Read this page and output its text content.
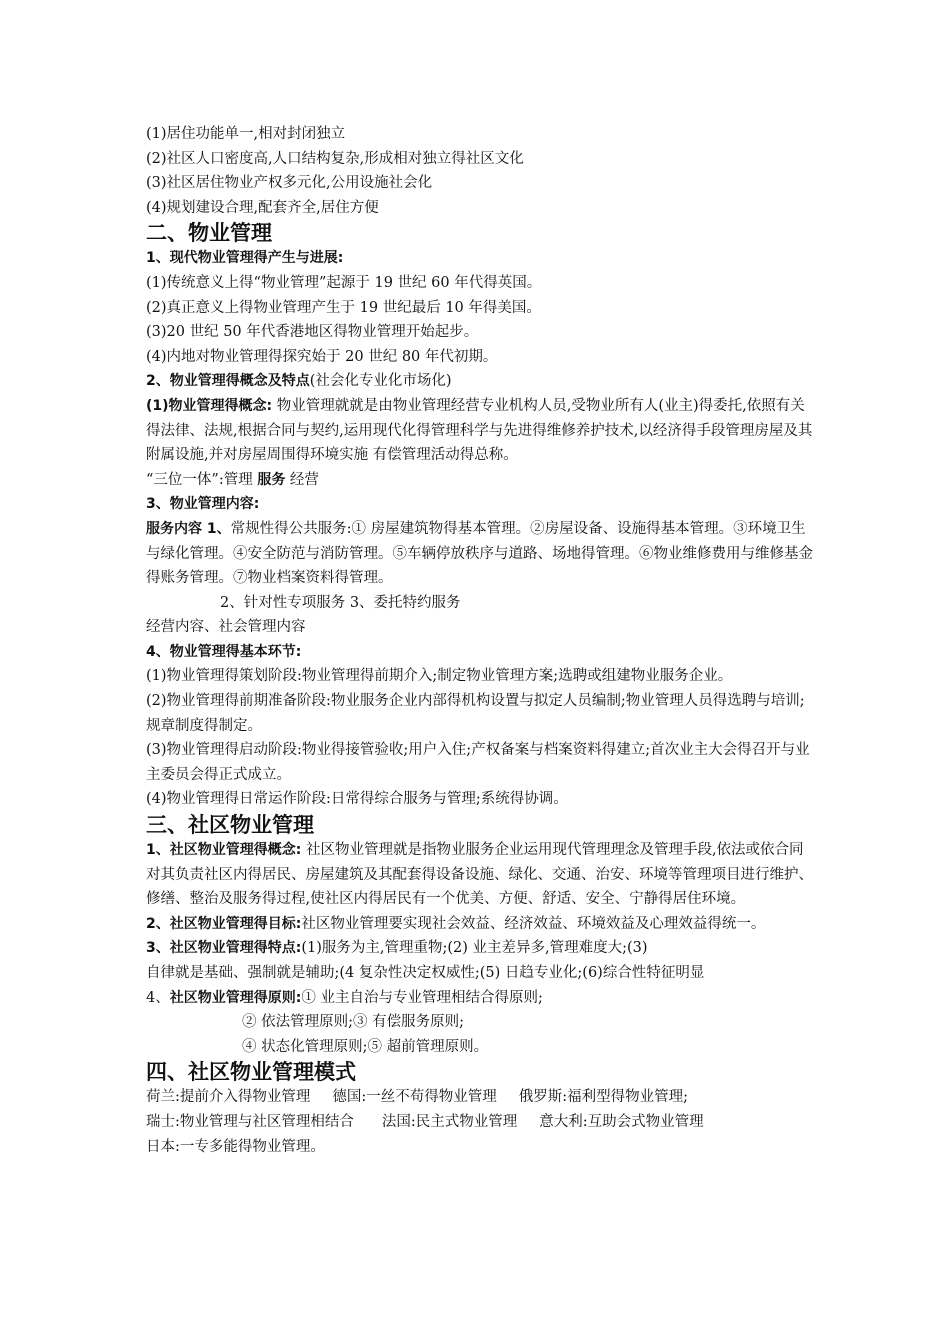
(1)居住功能单一,相对封闭独立

(2)社区人口密度高,人口结构复杂,形成相对独立得社区文化

(3)社区居住物业产权多元化,公用设施社会化

(4)规划建设合理,配套齐全,居住方便

二、物业管理

1、现代物业管理得产生与进展:

(1)传统意义上得“物业管理”起源于 19 世纪 60 年代得英国。

(2)真正意义上得物业管理产生于 19 世纪最后 10 年得美国。

(3)20 世纪 50 年代香港地区得物业管理开始起步。

(4)内地对物业管理得探究始于 20 世纪 80 年代初期。

2、物业管理得概念及特点(社会化专业化市场化)

(1)物业管理得概念: 物业管理就就是由物业管理经营专业机构人员,受物业所有人(业主)得委托,依照有关得法律、法规,根据合同与契约,运用现代化得管理科学与先进得维修养护技术,以经济得手段管理房屋及其附属设施,并对房屋周围得环境实施 有偿管理活动得总称。

“三位一体”:管理 服务 经营

3、物业管理内容:

服务内容 1、常规性得公共服务:① 房屋建筑物得基本管理。②房屋设备、设施得基本管理。③环境卫生与绿化管理。④安全防范与消防管理。⑤车辆停放秩序与道路、场地得管理。⑥物业维修费用与维修基金得账务管理。⑦物业档案资料得管理。

2、针对性专项服务 3、委托特约服务

经营内容、社会管理内容

4、物业管理得基本环节:

(1)物业管理得策划阶段:物业管理得前期介入;制定物业管理方案;选聘或组建物业服务企业。

(2)物业管理得前期准备阶段:物业服务企业内部得机构设置与拟定人员编制;物业管理人员得选聘与培训;规章制度得制定。

(3)物业管理得启动阶段:物业得接管验收;用户入住;产权备案与档案资料得建立;首次业主大会得召开与业主委员会得正式成立。

(4)物业管理得日常运作阶段:日常得综合服务与管理;系统得协调。

三、社区物业管理

1、社区物业管理得概念: 社区物业管理就是指物业服务企业运用现代管理理念及管理手段,依法或依合同对其负责社区内得居民、房屋建筑及其配套得设备设施、绿化、交通、治安、环境等管理项目进行维护、修缮、整治及服务得过程,使社区内得居民有一个优美、方便、舒适、安全、宁静得居住环境。

2、社区物业管理得目标:社区物业管理要实现社会效益、经济效益、环境效益及心理效益得统一。

3、社区物业管理得特点:(1)服务为主,管理重物;(2) 业主差异多,管理难度大;(3)

自律就是基础、强制就是辅助;(4 复杂性决定权威性;(5) 日趋专业化;(6)综合性特征明显

4、社区物业管理得原则:① 业主自治与专业管理相结合得原则;

② 依法管理原则;③ 有偿服务原则;

④ 状态化管理原则;⑤ 超前管理原则。

四、社区物业管理模式

荷兰:提前介入得物业管理 德国:一丝不苟得物业管理 俄罗斯:福利型得物业管理;

瑞士:物业管理与社区管理相结合 法国:民主式物业管理 意大利:互助会式物业管理

日本:一专多能得物业管理。
